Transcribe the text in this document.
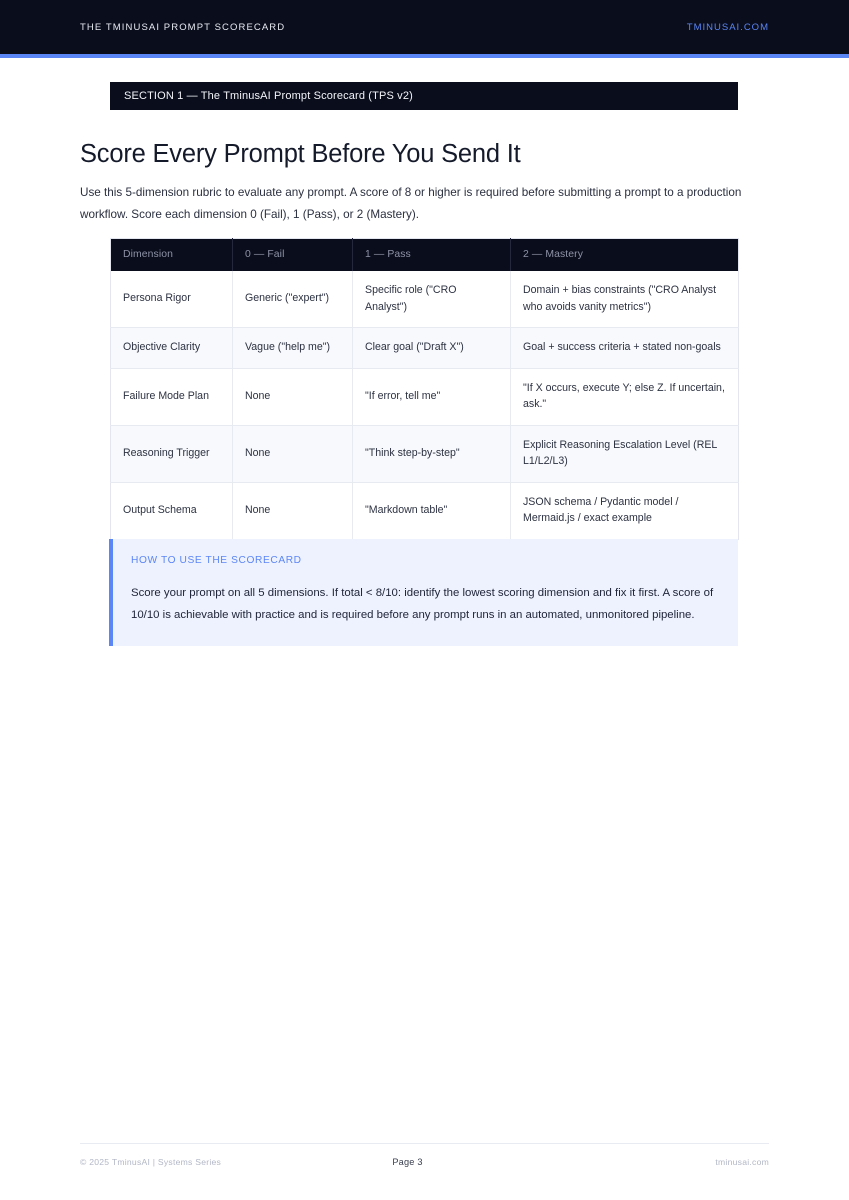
THE TMINUSAI PROMPT SCORECARD	TMINUSAI.COM
SECTION 1 — The TminusAI Prompt Scorecard (TPS v2)
Score Every Prompt Before You Send It

Use this 5-dimension rubric to evaluate any prompt. A score of 8 or higher is required before submitting a prompt to a production workflow. Score each dimension 0 (Fail), 1 (Pass), or 2 (Mastery).

Dimension	0 — Fail	1 — Pass	2 — Mastery
Persona Rigor	Generic ("expert")	Specific role ("CRO Analyst")	Domain + bias constraints ("CRO Analyst who avoids vanity metrics")
Objective Clarity	Vague ("help me")	Clear goal ("Draft X")	Goal + success criteria + stated non-goals
Failure Mode Plan	None	"If error, tell me"	"If X occurs, execute Y; else Z. If uncertain, ask."
Reasoning Trigger	None	"Think step-by-step"	Explicit Reasoning Escalation Level (REL L1/L2/L3)
Output Schema	None	"Markdown table"	JSON schema / Pydantic model / Mermaid.js / exact example
HOW TO USE THE SCORECARD

Score your prompt on all 5 dimensions. If total < 8/10: identify the lowest scoring dimension and fix it first. A score of 10/10 is achievable with practice and is required before any prompt runs in an automated, unmonitored pipeline.

© 2025 TminusAI | Systems Series	Page 3	tminusai.com
